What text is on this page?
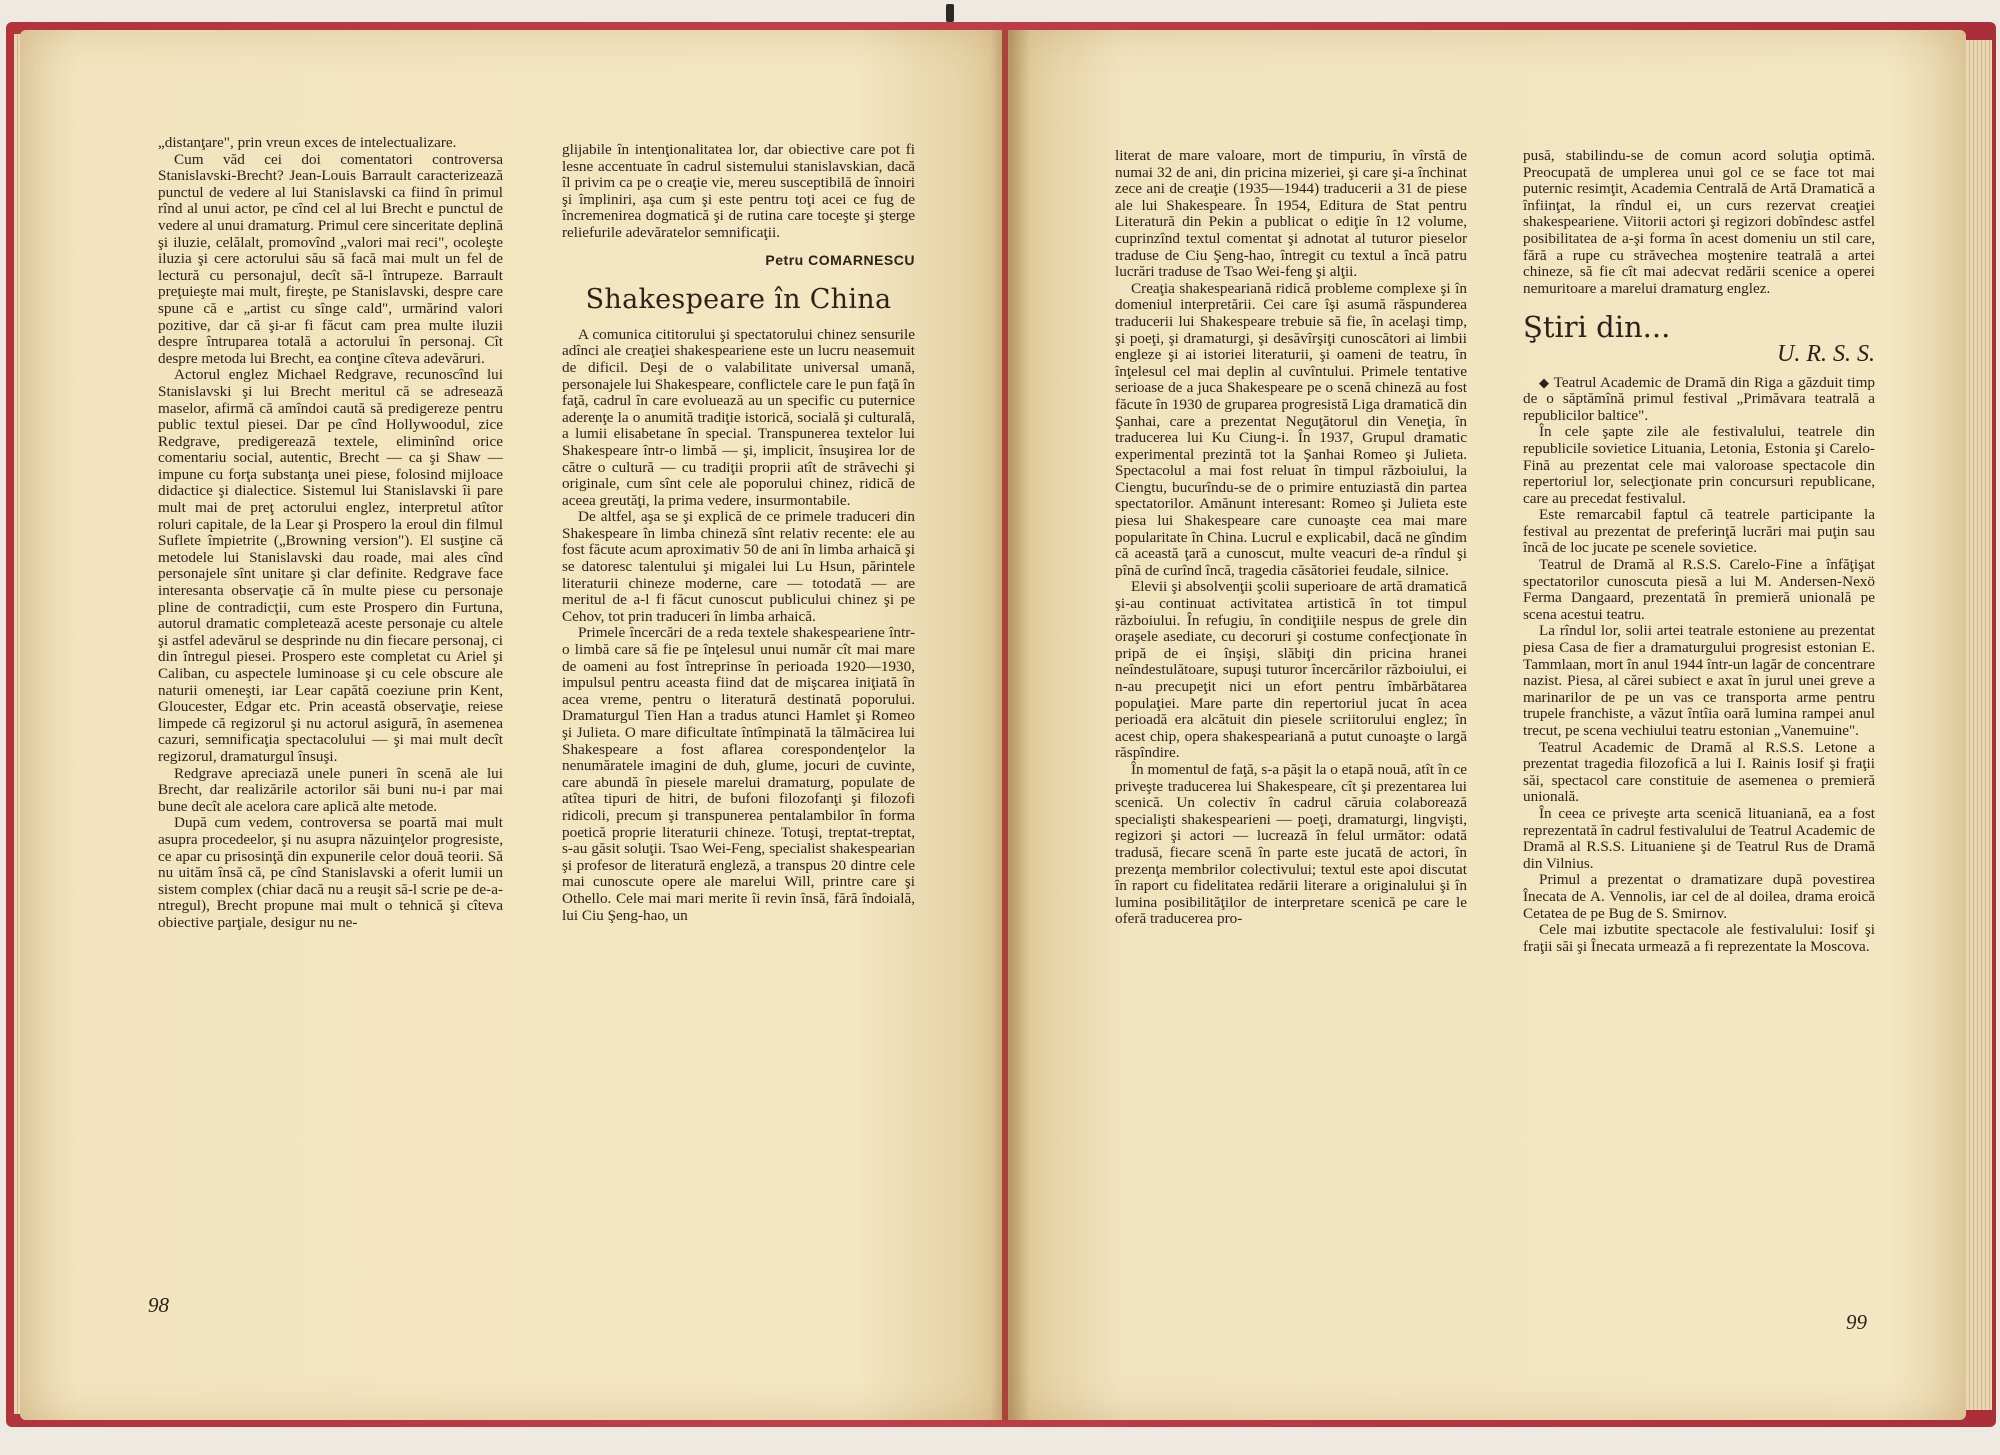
„distanţare", prin vreun exces de intelectualizare.

Cum văd cei doi comentatori controversa Stanislavski-Brecht? Jean-Louis Barrault caracterizează punctul de vedere al lui Stanislavski ca fiind în primul rînd al unui actor, pe cînd cel al lui Brecht e punctul de vedere al unui dramaturg. Primul cere sinceritate deplină şi iluzie, celălalt, promovînd „valori mai reci", ocoleşte iluzia şi cere actorului său să facă mai mult un fel de lectură cu personajul, decît să-l întrupeze. Barrault preţuieşte mai mult, fireşte, pe Stanislavski, despre care spune că e „artist cu sînge cald", urmărind valori pozitive, dar că şi-ar fi făcut cam prea multe iluzii despre întruparea totală a actorului în personaj. Cît despre metoda lui Brecht, ea conţine cîteva adevăruri.

Actorul englez Michael Redgrave, recunoscînd lui Stanislavski şi lui Brecht meritul că se adresează maselor, afirmă că amîndoi caută să predigereze pentru public textul piesei. Dar pe cînd Hollywoodul, zice Redgrave, predigerează textele, eliminînd orice comentariu social, autentic, Brecht — ca şi Shaw — impune cu forţa substanţa unei piese, folosind mijloace didactice şi dialectice. Sistemul lui Stanislavski îi pare mult mai de preţ actorului englez, interpretul atîtor roluri capitale, de la Lear şi Prospero la eroul din filmul Suflete împietrite („Browning version"). El susţine că metodele lui Stanislavski dau roade, mai ales cînd personajele sînt unitare şi clar definite. Redgrave face interesanta observaţie că în multe piese cu personaje pline de contradicţii, cum este Prospero din Furtuna, autorul dramatic completează aceste personaje cu altele şi astfel adevărul se desprinde nu din fiecare personaj, ci din întregul piesei. Prospero este completat cu Ariel şi Caliban, cu aspectele luminoase şi cu cele obscure ale naturii omeneşti, iar Lear capătă coeziune prin Kent, Gloucester, Edgar etc. Prin această observaţie, reiese limpede că regizorul şi nu actorul asigură, în asemenea cazuri, semnificaţia spectacolului — şi mai mult decît regizorul, dramaturgul însuşi.

Redgrave apreciază unele puneri în scenă ale lui Brecht, dar realizările actorilor săi buni nu-i par mai bune decît ale acelora care aplică alte metode.

După cum vedem, controversa se poartă mai mult asupra procedeelor, şi nu asupra năzuinţelor progresiste, ce apar cu prisosinţă din expunerile celor două teorii. Să nu uităm însă că, pe cînd Stanislavski a oferit lumii un sistem complex (chiar dacă nu a reuşit să-l scrie pe de-a-ntregul), Brecht propune mai mult o tehnică şi cîteva obiective parţiale, desigur nu ne-

glijabile în intenţionalitatea lor, dar obiective care pot fi lesne accentuate în cadrul sistemului stanislavskian, dacă îl privim ca pe o creaţie vie, mereu susceptibilă de înnoiri şi împliniri, aşa cum şi este pentru toţi acei ce fug de încremenirea dogmatică şi de rutina care toceşte şi şterge reliefurile adevăratelor semnificaţii.

Petru COMARNESCU
Shakespeare în China

A comunica cititorului şi spectatorului chinez sensurile adînci ale creaţiei shakespeariene este un lucru neasemuit de dificil. Deşi de o valabilitate universal umană, personajele lui Shakespeare, conflictele care le pun faţă în faţă, cadrul în care evoluează au un specific cu puternice aderenţe la o anumită tradiţie istorică, socială şi culturală, a lumii elisabetane în special. Transpunerea textelor lui Shakespeare într-o limbă — şi, implicit, însuşirea lor de către o cultură — cu tradiţii proprii atît de străvechi şi originale, cum sînt cele ale poporului chinez, ridică de aceea greutăţi, la prima vedere, insurmontabile.

De altfel, aşa se şi explică de ce primele traduceri din Shakespeare în limba chineză sînt relativ recente: ele au fost făcute acum aproximativ 50 de ani în limba arhaică şi se datoresc talentului şi migalei lui Lu Hsun, părintele literaturii chineze moderne, care — totodată — are meritul de a-l fi făcut cunoscut publicului chinez şi pe Cehov, tot prin traduceri în limba arhaică.

Primele încercări de a reda textele shakespeariene într-o limbă care să fie pe înţelesul unui număr cît mai mare de oameni au fost întreprinse în perioada 1920—1930, impulsul pentru aceasta fiind dat de mişcarea iniţiată în acea vreme, pentru o literatură destinată poporului. Dramaturgul Tien Han a tradus atunci Hamlet şi Romeo şi Julieta. O mare dificultate întîmpinată la tălmăcirea lui Shakespeare a fost aflarea corespondenţelor la nenumăratele imagini de duh, glume, jocuri de cuvinte, care abundă în piesele marelui dramaturg, populate de atîtea tipuri de hitri, de bufoni filozofanţi şi filozofi ridicoli, precum şi transpunerea pentalambilor în forma poetică proprie literaturii chineze. Totuşi, treptat-treptat, s-au găsit soluţii. Tsao Wei-Feng, specialist shakespearian şi profesor de literatură engleză, a transpus 20 dintre cele mai cunoscute opere ale marelui Will, printre care şi Othello. Cele mai mari merite îi revin însă, fără îndoială, lui Ciu Şeng-hao, un

98

literat de mare valoare, mort de timpuriu, în vîrstă de numai 32 de ani, din pricina mizeriei, şi care şi-a închinat zece ani de creaţie (1935—1944) traducerii a 31 de piese ale lui Shakespeare. În 1954, Editura de Stat pentru Literatură din Pekin a publicat o ediţie în 12 volume, cuprinzînd textul comentat şi adnotat al tuturor pieselor traduse de Ciu Şeng-hao, întregit cu textul a încă patru lucrări traduse de Tsao Wei-feng şi alţii.

Creaţia shakespeariană ridică probleme complexe şi în domeniul interpretării. Cei care îşi asumă răspunderea traducerii lui Shakespeare trebuie să fie, în acelaşi timp, şi poeţi, şi dramaturgi, şi desăvîrşiţi cunoscători ai limbii engleze şi ai istoriei literaturii, şi oameni de teatru, în înţelesul cel mai deplin al cuvîntului. Primele tentative serioase de a juca Shakespeare pe o scenă chineză au fost făcute în 1930 de gruparea progresistă Liga dramatică din Şanhai, care a prezentat Neguţătorul din Veneţia, în traducerea lui Ku Ciung-i. În 1937, Grupul dramatic experimental prezintă tot la Şanhai Romeo şi Julieta. Spectacolul a mai fost reluat în timpul războiului, la Ciengtu, bucurîndu-se de o primire entuziastă din partea spectatorilor. Amănunt interesant: Romeo şi Julieta este piesa lui Shakespeare care cunoaşte cea mai mare popularitate în China. Lucrul e explicabil, dacă ne gîndim că această ţară a cunoscut, multe veacuri de-a rîndul şi pînă de curînd încă, tragedia căsătoriei feudale, silnice.

Elevii şi absolvenţii şcolii superioare de artă dramatică şi-au continuat activitatea artistică în tot timpul războiului. În refugiu, în condiţiile nespus de grele din oraşele asediate, cu decoruri şi costume confecţionate în pripă de ei înşişi, slăbiţi din pricina hranei neîndestulătoare, supuşi tuturor încercărilor războiului, ei n-au precupeţit nici un efort pentru îmbărbătarea populaţiei. Mare parte din repertoriul jucat în acea perioadă era alcătuit din piesele scriitorului englez; în acest chip, opera shakespeariană a putut cunoaşte o largă răspîndire.

În momentul de faţă, s-a păşit la o etapă nouă, atît în ce priveşte traducerea lui Shakespeare, cît şi prezentarea lui scenică. Un colectiv în cadrul căruia colaborează specialişti shakespearieni — poeţi, dramaturgi, lingvişti, regizori şi actori — lucrează în felul următor: odată tradusă, fiecare scenă în parte este jucată de actori, în prezenţa membrilor colectivului; textul este apoi discutat în raport cu fidelitatea redării literare a originalului şi în lumina posibilităţilor de interpretare scenică pe care le oferă traducerea pro-

pusă, stabilindu-se de comun acord soluţia optimă. Preocupată de umplerea unui gol ce se face tot mai puternic resimţit, Academia Centrală de Artă Dramatică a înfiinţat, la rîndul ei, un curs rezervat creaţiei shakespeariene. Viitorii actori şi regizori dobîndesc astfel posibilitatea de a-şi forma în acest domeniu un stil care, fără a rupe cu străvechea moştenire teatrală a artei chineze, să fie cît mai adecvat redării scenice a operei nemuritoare a marelui dramaturg englez.

Ştiri din...
U. R. S. S.

◆ Teatrul Academic de Dramă din Riga a găzduit timp de o săptămînă primul festival „Primăvara teatrală a republicilor baltice".

În cele şapte zile ale festivalului, teatrele din republicile sovietice Lituania, Letonia, Estonia şi Carelo-Fină au prezentat cele mai valoroase spectacole din repertoriul lor, selecţionate prin concursuri republicane, care au precedat festivalul.

Este remarcabil faptul că teatrele participante la festival au prezentat de preferinţă lucrări mai puţin sau încă de loc jucate pe scenele sovietice.

Teatrul de Dramă al R.S.S. Carelo-Fine a înfăţişat spectatorilor cunoscuta piesă a lui M. Andersen-Nexö Ferma Dangaard, prezentată în premieră unională pe scena acestui teatru.

La rîndul lor, solii artei teatrale estoniene au prezentat piesa Casa de fier a dramaturgului progresist estonian E. Tammlaan, mort în anul 1944 într-un lagăr de concentrare nazist. Piesa, al cărei subiect e axat în jurul unei greve a marinarilor de pe un vas ce transporta arme pentru trupele franchiste, a văzut întîia oară lumina rampei anul trecut, pe scena vechiului teatru estonian „Vanemuine".

Teatrul Academic de Dramă al R.S.S. Letone a prezentat tragedia filozofică a lui I. Rainis Iosif şi fraţii săi, spectacol care constituie de asemenea o premieră unională.

În ceea ce priveşte arta scenică lituaniană, ea a fost reprezentată în cadrul festivalului de Teatrul Academic de Dramă al R.S.S. Lituaniene şi de Teatrul Rus de Dramă din Vilnius.

Primul a prezentat o dramatizare după povestirea Înecata de A. Vennolis, iar cel de al doilea, drama eroică Cetatea de pe Bug de S. Smirnov.

Cele mai izbutite spectacole ale festivalului: Iosif şi fraţii săi şi Înecata urmează a fi reprezentate la Moscova.

99
